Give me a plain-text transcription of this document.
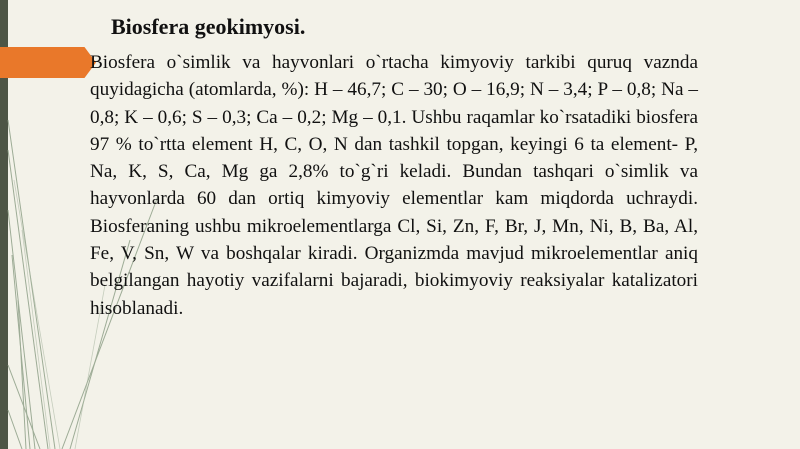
Biosfera geokimyosi.

Biosfera o`simlik va hayvonlari o`rtacha kimyoviy tarkibi quruq vaznda quyidagicha (atomlarda, %): H – 46,7; C – 30; O – 16,9; N – 3,4; P – 0,8; Na – 0,8; K – 0,6; S – 0,3; Ca – 0,2; Mg – 0,1. Ushbu raqamlar ko`rsatadiki biosfera 97 % to`rtta element H, C, O, N dan tashkil topgan, keyingi 6 ta element- P, Na, K, S, Ca, Mg ga 2,8% to`g`ri keladi. Bundan tashqari o`simlik va hayvonlarda 60 dan ortiq kimyoviy elementlar kam miqdorda uchraydi. Biosferaning ushbu mikroelementlarga Cl, Si, Zn, F, Br, J, Mn, Ni, B, Ba, Al, Fe, V, Sn, W va boshqalar kiradi. Organizmda mavjud mikroelementlar aniq belgilangan hayotiy vazifalarni bajaradi, biokimyoviy reaksiyalar katalizatori hisoblanadi.
